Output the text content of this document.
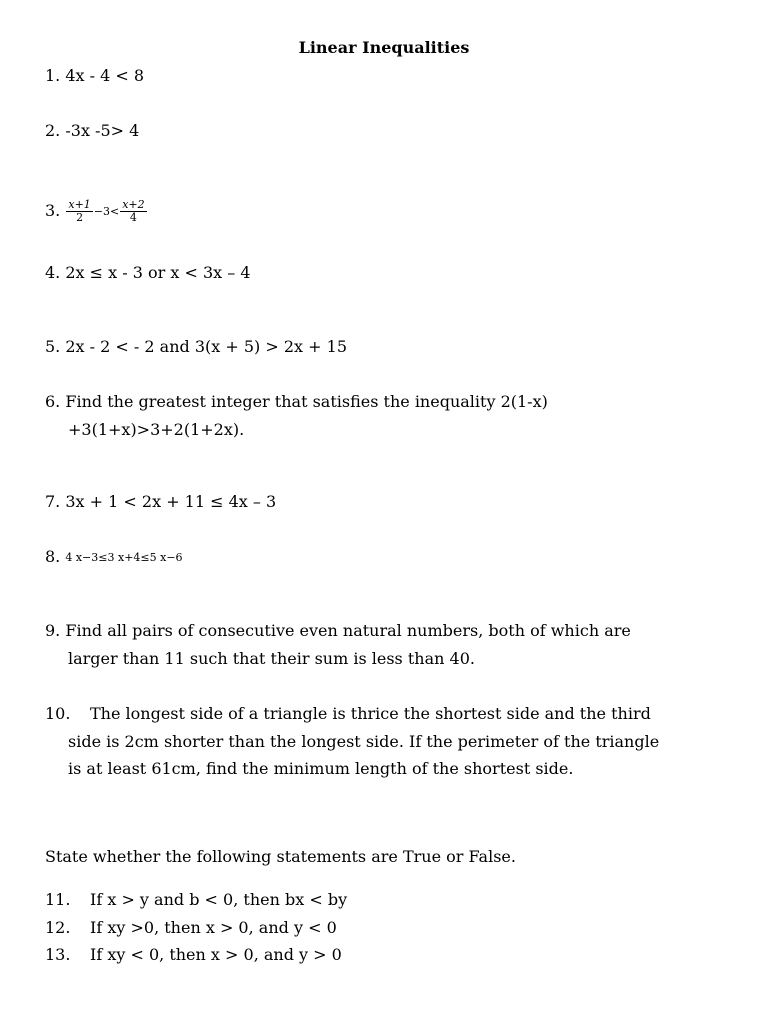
Linear Inequalities
1. 4x - 4 < 8
2. -3x -5> 4
3. $\frac{x+1}{2} -3< \frac{x+2}{4}$
4. 2x ≤ x - 3 or x < 3x – 4
5. 2x - 2 < - 2 and 3(x + 5) > 2x + 15
6. Find the greatest integer that satisfies the inequality 2(1-x)
+3(1+x)>3+2(1+2x).
7. 3x + 1 < 2x + 11 ≤ 4x – 3
8. 4 x−3≤3 x+4≤5 x−6
9. Find all pairs of consecutive even natural numbers, both of which are
larger than 11 such that their sum is less than 40.
10. The longest side of a triangle is thrice the shortest side and the third
side is 2cm shorter than the longest side. If the perimeter of the triangle
is at least 61cm, find the minimum length of the shortest side.
State whether the following statements are True or False.
11. If x > y and b < 0, then bx < by
12. If xy >0, then x > 0, and y < 0
13. If xy < 0, then x > 0, and y > 0
